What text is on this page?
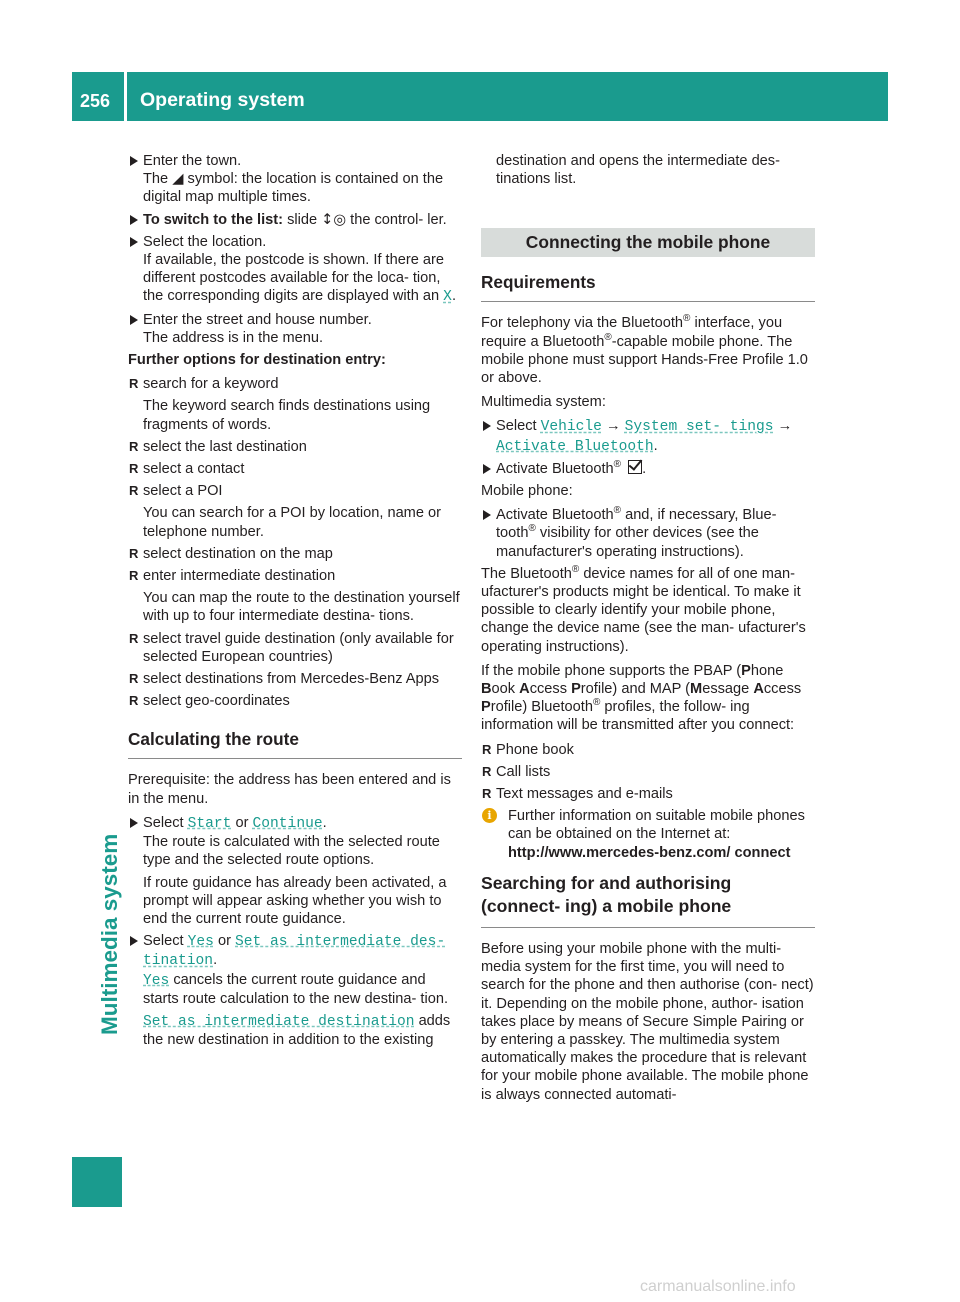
256 Operating system
Multimedia system

Enter the town.

The ◢ symbol: the location is contained on the digital map multiple times.

To switch to the list: slide ↕◎ the control- ler.

Select the location.

If available, the postcode is shown. If there are different postcodes available for the loca- tion, the corresponding digits are displayed with an X.

Enter the street and house number.

The address is in the menu.

Further options for destination entry:

R search for a keyword

The keyword search finds destinations using fragments of words.

R select the last destination

R select a contact

R select a POI

You can search for a POI by location, name or telephone number.

R select destination on the map

R enter intermediate destination

You can map the route to the destination yourself with up to four intermediate destina- tions.

R select travel guide destination (only available for selected European countries)

R select destinations from Mercedes-Benz Apps

R select geo-coordinates

Calculating the route

Prerequisite: the address has been entered and is in the menu.

Select Start or Continue.

The route is calculated with the selected route type and the selected route options.

If route guidance has already been activated, a prompt will appear asking whether you wish to end the current route guidance.

Select Yes or Set as intermediate des- tination.

Yes cancels the current route guidance and starts route calculation to the new destina- tion.

Set as intermediate destination adds the new destination in addition to the existing

destination and opens the intermediate des- tinations list.

Connecting the mobile phone
Requirements

For telephony via the Bluetooth® interface, you require a Bluetooth®-capable mobile phone. The mobile phone must support Hands-Free Profile 1.0 or above.

Multimedia system:

Select Vehicle → System set- tings → Activate Bluetooth.

Activate Bluetooth® .

Mobile phone:

Activate Bluetooth® and, if necessary, Blue- tooth® visibility for other devices (see the manufacturer's operating instructions).

The Bluetooth® device names for all of one man- ufacturer's products might be identical. To make it possible to clearly identify your mobile phone, change the device name (see the man- ufacturer's operating instructions).

If the mobile phone supports the PBAP (Phone Book Access Profile) and MAP (Message Access Profile) Bluetooth® profiles, the follow- ing information will be transmitted after you connect:

R Phone book

R Call lists

R Text messages and e-mails

i	Further information on suitable mobile phones can be obtained on the Internet at:

http://www.mercedes-benz.com/ connect

Searching for and authorising (connect- ing) a mobile phone

Before using your mobile phone with the multi- media system for the first time, you will need to search for the phone and then authorise (con- nect) it. Depending on the mobile phone, author- isation takes place by means of Secure Simple Pairing or by entering a passkey. The multimedia system automatically makes the procedure that is relevant for your mobile phone available. The mobile phone is always connected automati-

carmanualsonline.info
